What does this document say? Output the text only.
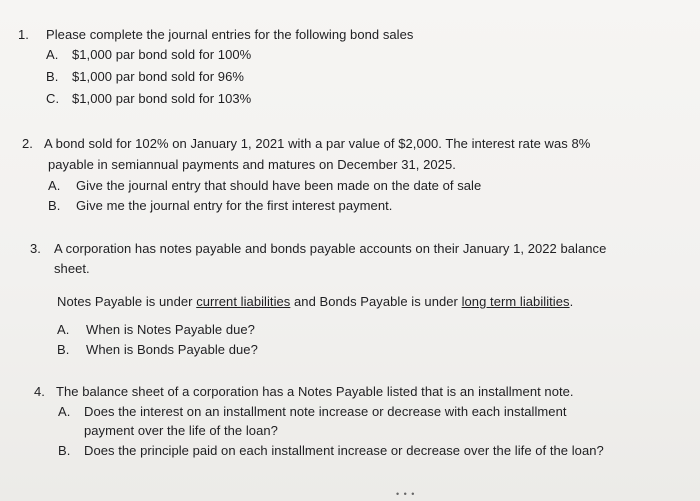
1. Please complete the journal entries for the following bond sales
A. $1,000 par bond sold for 100%
B. $1,000 par bond sold for 96%
C. $1,000 par bond sold for 103%
2. A bond sold for 102% on January 1, 2021 with a par value of $2,000. The interest rate was 8%
payable in semiannual payments and matures on December 31, 2025.
A. Give the journal entry that should have been made on the date of sale
B. Give me the journal entry for the first interest payment.
3. A corporation has notes payable and bonds payable accounts on their January 1, 2022 balance
sheet.
Notes Payable is under current liabilities and Bonds Payable is under long term liabilities.
A. When is Notes Payable due?
B. When is Bonds Payable due?
4. The balance sheet of a corporation has a Notes Payable listed that is an installment note.
A. Does the interest on an installment note increase or decrease with each installment
payment over the life of the loan?
B. Does the principle paid on each installment increase or decrease over the life of the loan?
• • •
